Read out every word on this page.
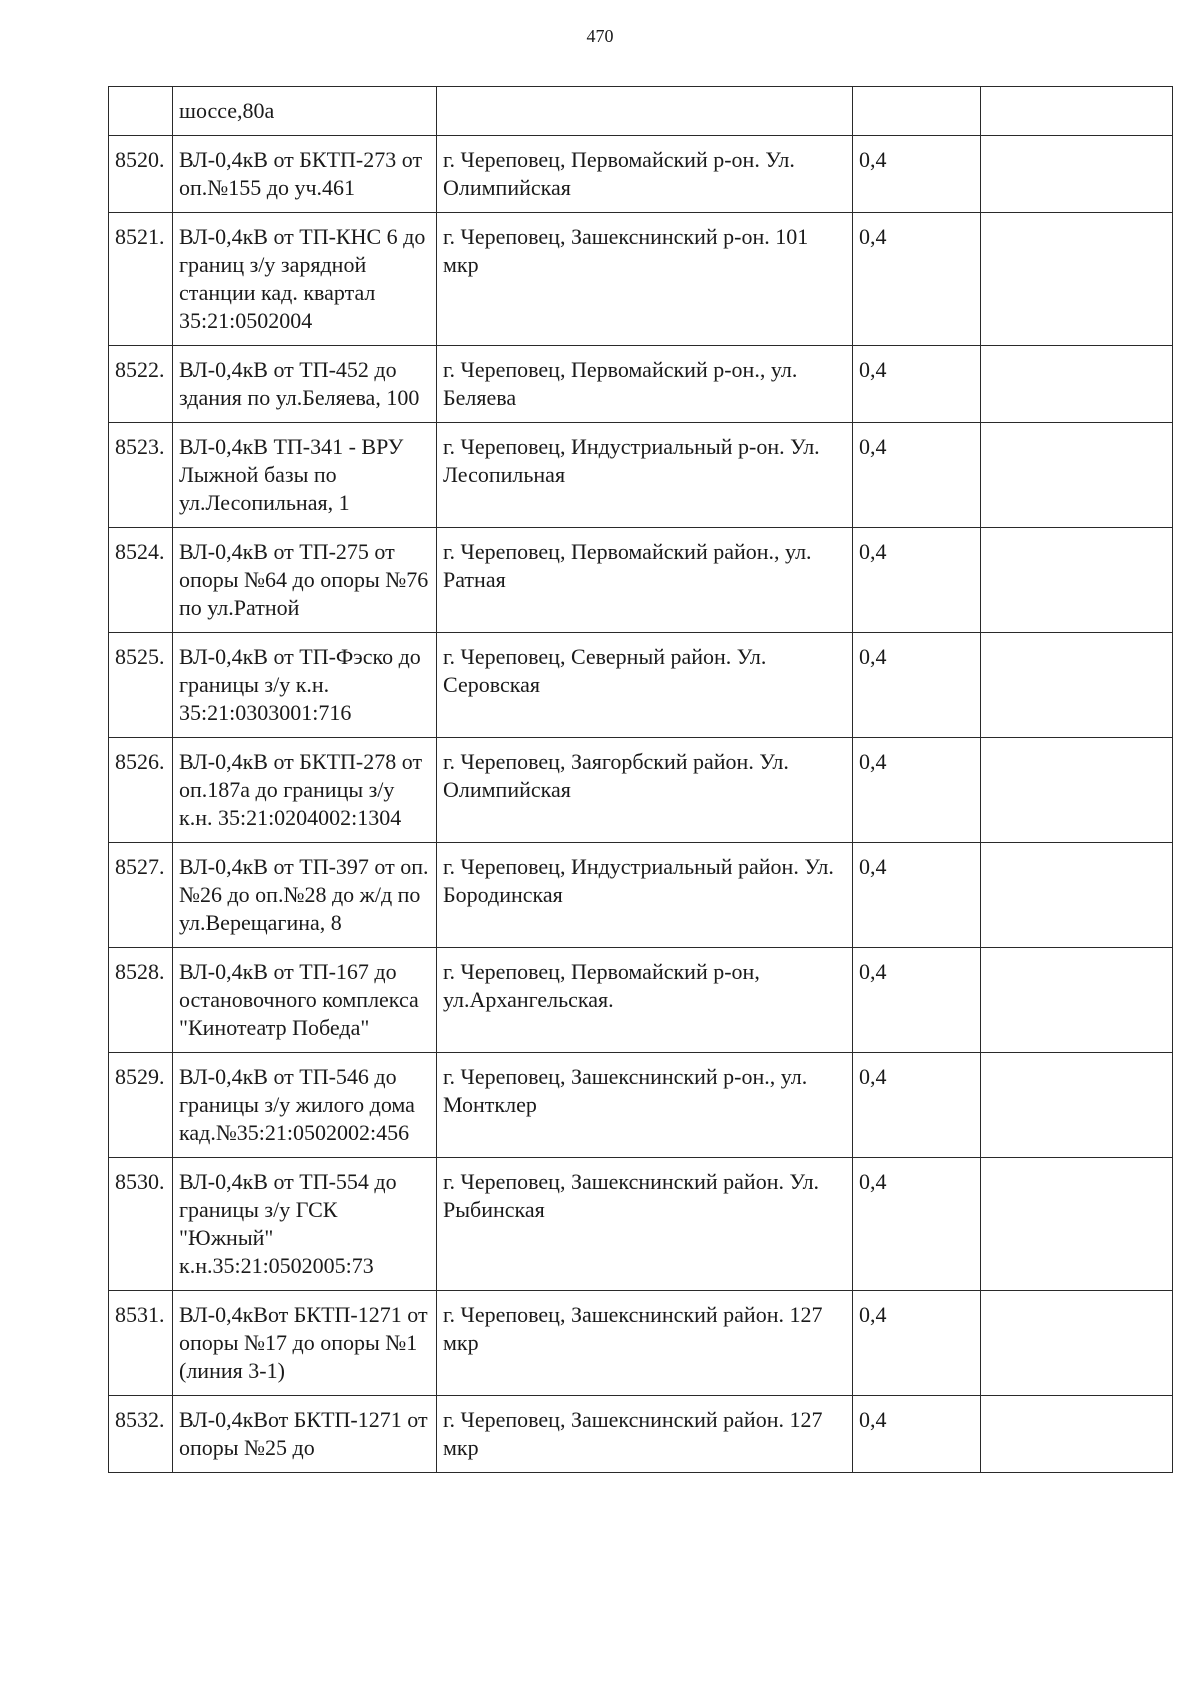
470
	шоссе,80а			
8520.	ВЛ-0,4кВ от БКТП-273 от оп.№155 до уч.461	г. Череповец, Первомайский р-он. Ул. Олимпийская	0,4	
8521.	ВЛ-0,4кВ от ТП-КНС 6 до границ з/у зарядной станции кад. квартал 35:21:0502004	г. Череповец, Зашекснинский р-он. 101 мкр	0,4	
8522.	ВЛ-0,4кВ от ТП-452 до здания по ул.Беляева, 100	г. Череповец, Первомайский р-он., ул. Беляева	0,4	
8523.	ВЛ-0,4кВ ТП-341 - ВРУ Лыжной базы по ул.Лесопильная, 1	г. Череповец, Индустриальный р-он. Ул. Лесопильная	0,4	
8524.	ВЛ-0,4кВ от ТП-275 от опоры №64 до опоры №76 по ул.Ратной	г. Череповец, Первомайский район., ул. Ратная	0,4	
8525.	ВЛ-0,4кВ от ТП-Фэско до границы з/у к.н. 35:21:0303001:716	г. Череповец, Северный район. Ул. Серовская	0,4	
8526.	ВЛ-0,4кВ от БКТП-278 от оп.187а до границы з/у к.н. 35:21:0204002:1304	г. Череповец, Заягорбский район. Ул. Олимпийская	0,4	
8527.	ВЛ-0,4кВ от ТП-397 от оп.№26 до оп.№28 до ж/д по ул.Верещагина, 8	г. Череповец, Индустриальный район. Ул. Бородинская	0,4	
8528.	ВЛ-0,4кВ от ТП-167 до остановочного комплекса "Кинотеатр Победа"	г. Череповец, Первомайский р-он, ул.Архангельская.	0,4	
8529.	ВЛ-0,4кВ от ТП-546 до границы з/у жилого дома кад.№35:21:0502002:456	г. Череповец, Зашекснинский р-он., ул. Монтклер	0,4	
8530.	ВЛ-0,4кВ от ТП-554 до границы з/у ГСК "Южный" к.н.35:21:0502005:73	г. Череповец, Зашекснинский район. Ул. Рыбинская	0,4	
8531.	ВЛ-0,4кВот БКТП-1271 от опоры №17 до опоры №1 (линия 3-1)	г. Череповец, Зашекснинский район. 127 мкр	0,4	
8532.	ВЛ-0,4кВот БКТП-1271 от опоры №25 до	г. Череповец, Зашекснинский район. 127 мкр	0,4	
